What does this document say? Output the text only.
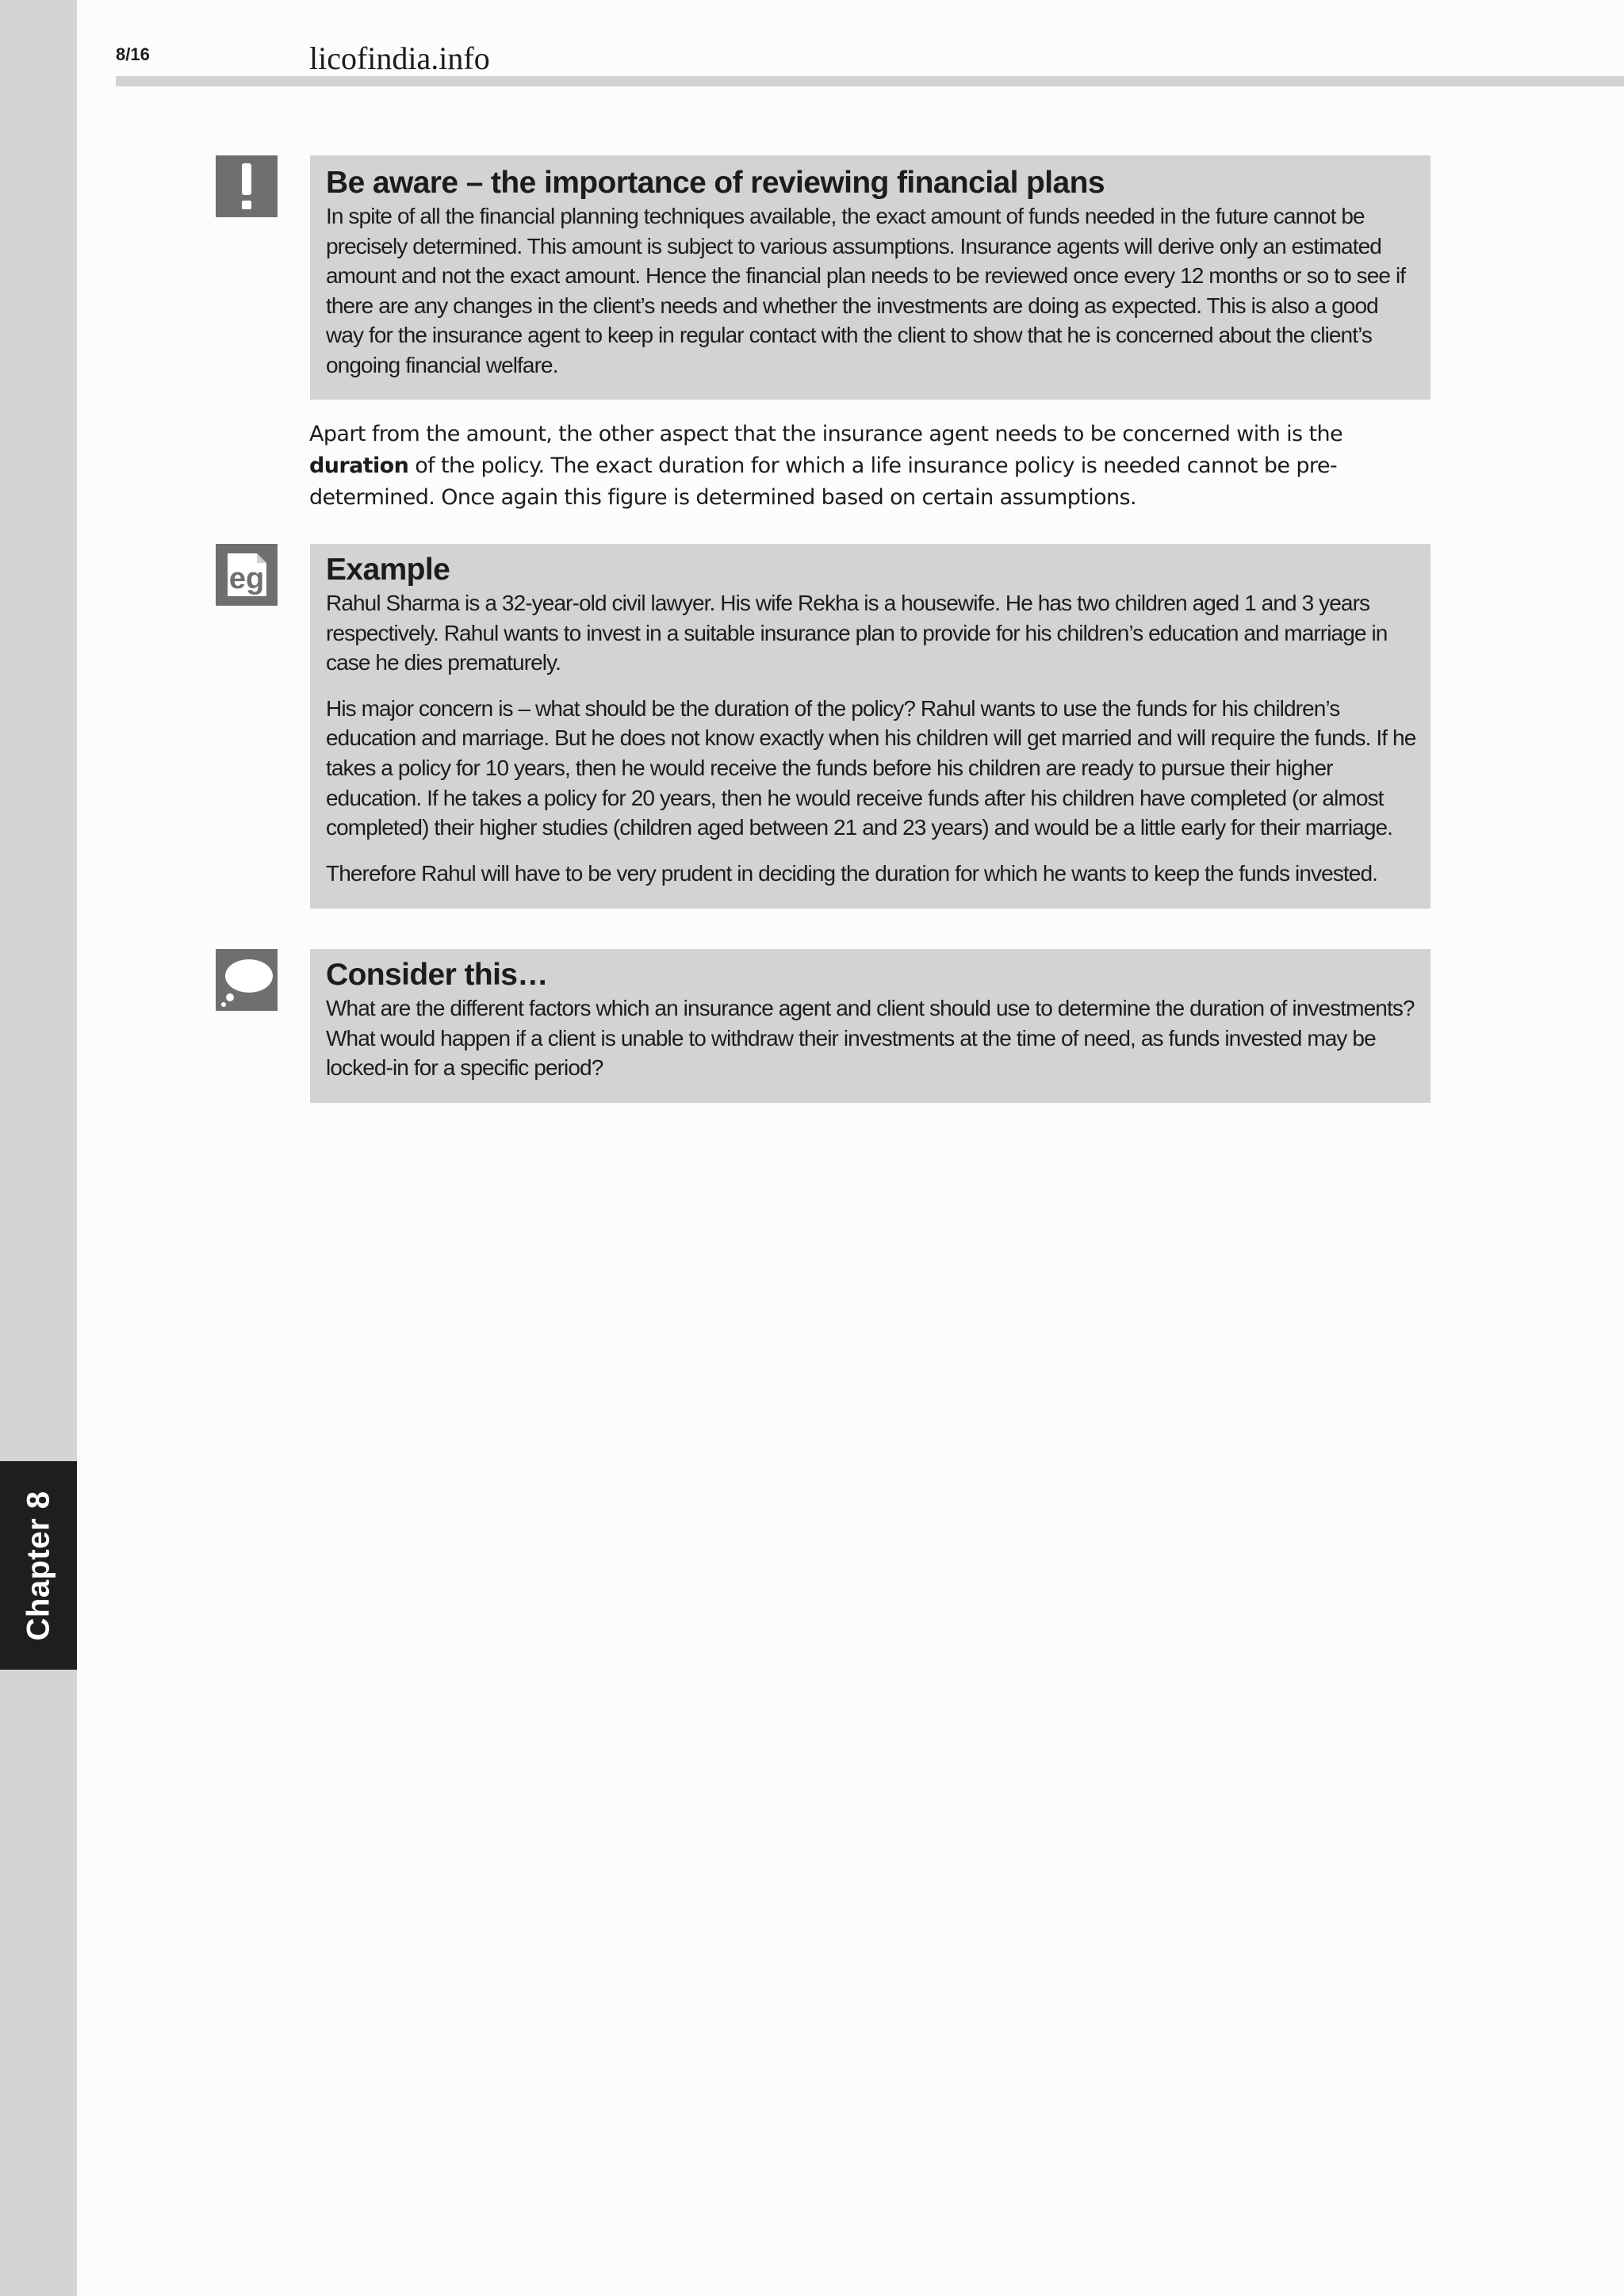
Chapter 8
8/16	licofindia.info
Be aware – the importance of reviewing financial plans

In spite of all the financial planning techniques available, the exact amount of funds needed in the future cannot be precisely determined. This amount is subject to various assumptions. Insurance agents will derive only an estimated amount and not the exact amount. Hence the financial plan needs to be reviewed once every 12 months or so to see if there are any changes in the client’s needs and whether the investments are doing as expected. This is also a good way for the insurance agent to keep in regular contact with the client to show that he is concerned about the client’s ongoing financial welfare.

Apart from the amount, the other aspect that the insurance agent needs to be concerned with is the duration of the policy. The exact duration for which a life insurance policy is needed cannot be pre-determined. Once again this figure is determined based on certain assumptions.

eg Example

Rahul Sharma is a 32-year-old civil lawyer. His wife Rekha is a housewife. He has two children aged 1 and 3 years respectively. Rahul wants to invest in a suitable insurance plan to provide for his children’s education and marriage in case he dies prematurely.

His major concern is – what should be the duration of the policy? Rahul wants to use the funds for his children’s education and marriage. But he does not know exactly when his children will get married and will require the funds. If he takes a policy for 10 years, then he would receive the funds before his children are ready to pursue their higher education. If he takes a policy for 20 years, then he would receive funds after his children have completed (or almost completed) their higher studies (children aged between 21 and 23 years) and would be a little early for their marriage.

Therefore Rahul will have to be very prudent in deciding the duration for which he wants to keep the funds invested.

Consider this…

What are the different factors which an insurance agent and client should use to determine the duration of investments? What would happen if a client is unable to withdraw their investments at the time of need, as funds invested may be locked-in for a specific period?
